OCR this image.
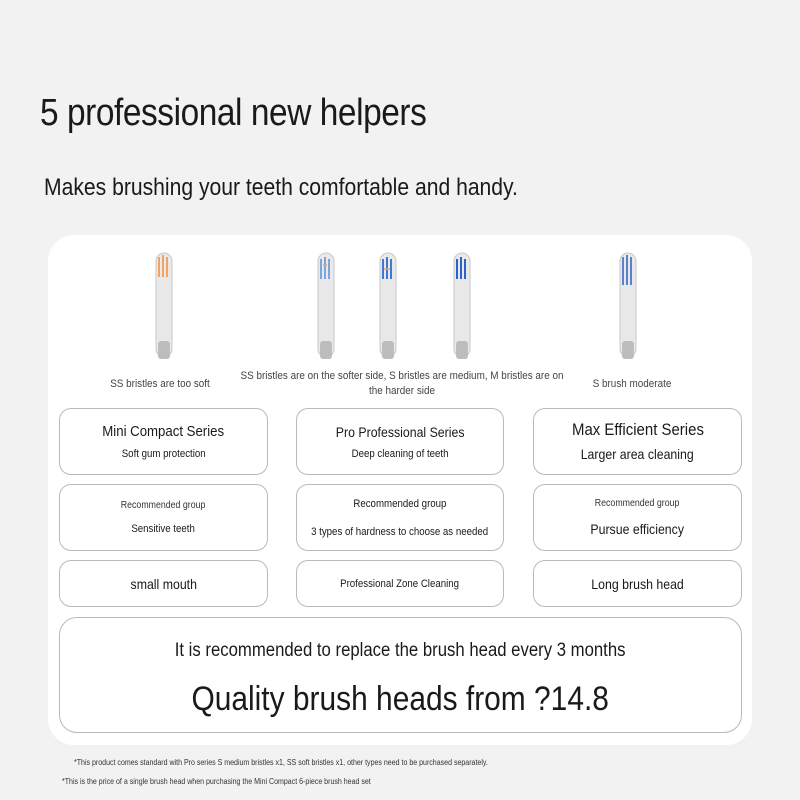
5 professional new helpers
Makes brushing your teeth comfortable and handy.
SS bristles are too soft
SS bristles are on the softer side, S bristles are medium, M bristles are on the harder side
S brush moderate
Mini Compact Series
Soft gum protection
Pro Professional Series
Deep cleaning of teeth
Max Efficient Series
Larger area cleaning
Recommended group
Sensitive teeth
Recommended group
3 types of hardness to choose as needed
Recommended group
Pursue efficiency
small mouth	Professional Zone Cleaning	Long brush head
It is recommended to replace the brush head every 3 months
Quality brush heads from ?14.8

*This product comes standard with Pro series S medium bristles x1, SS soft bristles x1, other types need to be purchased separately.

*This is the price of a single brush head when purchasing the Mini Compact 6-piece brush head set
